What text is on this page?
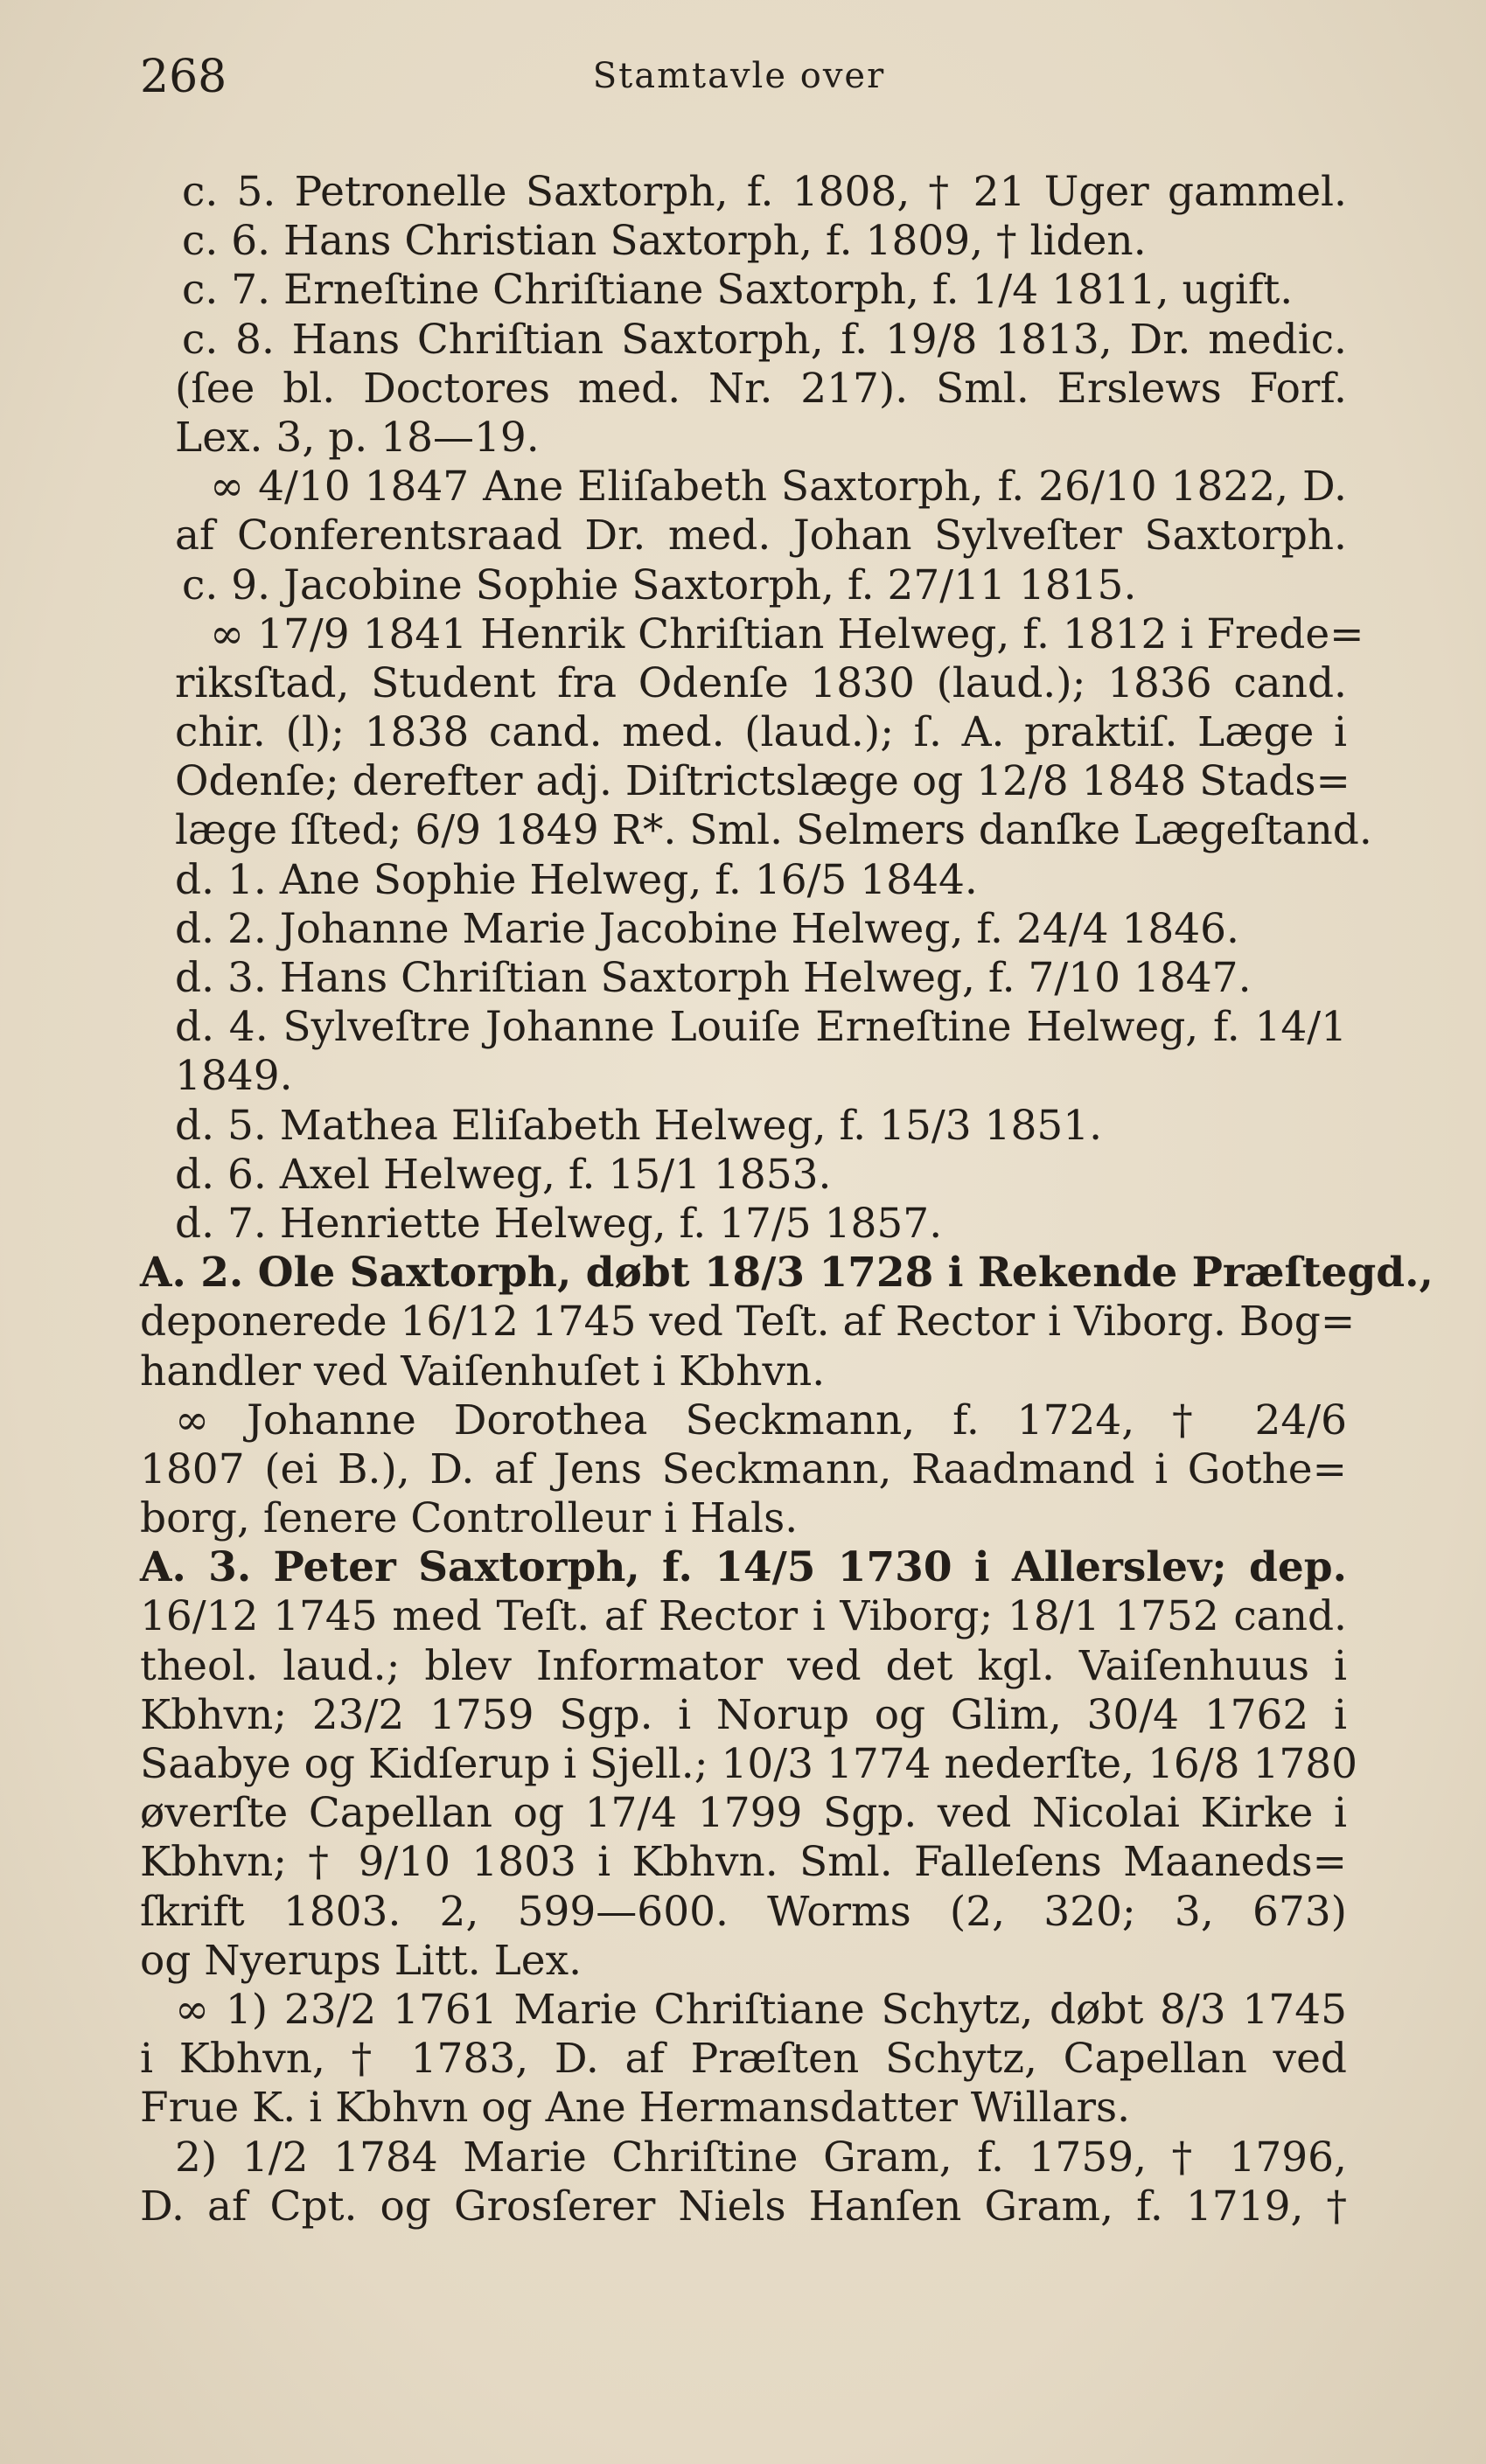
268	Stamtavle over
c. 5. Petronelle Saxtorph, f. 1808, † 21 Uger gammel.
c. 6. Hans Christian Saxtorph, f. 1809, † liden.
c. 7. Erneſtine Chriſtiane Saxtorph, f. 1/4 1811, ugift.
c. 8. Hans Chriſtian Saxtorph, f. 19/8 1813, Dr. medic.
(ſee bl. Doctores med. Nr. 217). Sml. Erslews Forf.
Lex. 3, p. 18—19.
∞ 4/10 1847 Ane Eliſabeth Saxtorph, f. 26/10 1822, D.
af Conferentsraad Dr. med. Johan Sylveſter Saxtorph.
c. 9. Jacobine Sophie Saxtorph, f. 27/11 1815.
∞ 17/9 1841 Henrik Chriſtian Helweg, f. 1812 i Frede=
riksſtad, Student fra Odenſe 1830 (laud.); 1836 cand.
chir. (l); 1838 cand. med. (laud.); ſ. A. praktiſ. Læge i
Odenſe; derefter adj. Diſtrictslæge og 12/8 1848 Stads=
læge ſſted; 6/9 1849 R*. Sml. Selmers danſke Lægeſtand.
d. 1. Ane Sophie Helweg, f. 16/5 1844.
d. 2. Johanne Marie Jacobine Helweg, f. 24/4 1846.
d. 3. Hans Chriſtian Saxtorph Helweg, f. 7/10 1847.
d. 4. Sylveſtre Johanne Louiſe Erneſtine Helweg, f. 14/1
1849.
d. 5. Mathea Eliſabeth Helweg, f. 15/3 1851.
d. 6. Axel Helweg, f. 15/1 1853.
d. 7. Henriette Helweg, f. 17/5 1857.
A. 2. Ole Saxtorph, døbt 18/3 1728 i Rekende Præſtegd.,
deponerede 16/12 1745 ved Teſt. af Rector i Viborg. Bog=
handler ved Vaiſenhuſet i Kbhvn.
∞ Johanne Dorothea Seckmann, f. 1724, † 24/6
1807 (ei B.), D. af Jens Seckmann, Raadmand i Gothe=
borg, ſenere Controlleur i Hals.
A. 3. Peter Saxtorph, f. 14/5 1730 i Allerslev; dep.
16/12 1745 med Teſt. af Rector i Viborg; 18/1 1752 cand.
theol. laud.; blev Informator ved det kgl. Vaiſenhuus i
Kbhvn; 23/2 1759 Sgp. i Norup og Glim, 30/4 1762 i
Saabye og Kidſerup i Sjell.; 10/3 1774 nederſte, 16/8 1780
øverſte Capellan og 17/4 1799 Sgp. ved Nicolai Kirke i
Kbhvn; † 9/10 1803 i Kbhvn. Sml. Falleſens Maaneds=
ſkrift 1803. 2, 599—600. Worms (2, 320; 3, 673)
og Nyerups Litt. Lex.
∞ 1) 23/2 1761 Marie Chriſtiane Schytz, døbt 8/3 1745
i Kbhvn, † 1783, D. af Præſten Schytz, Capellan ved
Frue K. i Kbhvn og Ane Hermansdatter Willars.
2) 1/2 1784 Marie Chriſtine Gram, f. 1759, † 1796,
D. af Cpt. og Grosſerer Niels Hanſen Gram, f. 1719, †
